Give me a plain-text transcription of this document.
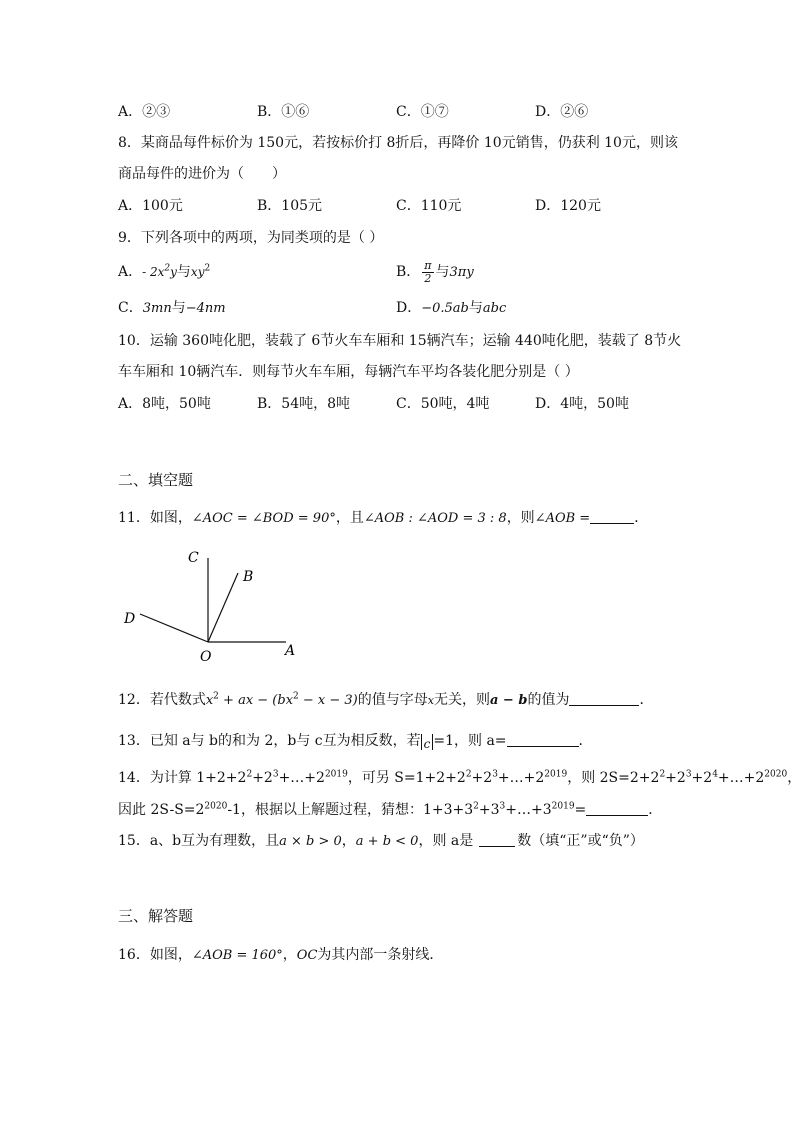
A．②③	B．①⑥	C．①⑦	D．②⑥
8．某商品每件标价为 150元，若按标价打 8折后，再降价 10元销售，仍获利 10元，则该
商品每件的进价为（　　）
A．100元	B．105元	C．110元	D．120元
9．下列各项中的两项，为同类项的是（ ）
A．- $2x^2y$与$xy^2$	B． $\frac{\pi}{2}$ 与3πy
C．3mn与−4nm	D．−0.5ab与abc
10．运输 360吨化肥，装载了 6节火车车厢和 15辆汽车；运输 440吨化肥，装载了 8节火
车车厢和 10辆汽车．则每节火车车厢，每辆汽车平均各装化肥分别是（ ）
A．8吨，50吨	B．54吨，8吨	C．50吨，4吨	D．4吨，50吨
二、填空题
11．如图，∠AOC = ∠BOD = 90°，且∠AOB : ∠AOD = 3 : 8，则∠AOB =	．
C
B
D
O	A
12．若代数式$x^2$ + ax − $(bx^2 - x - 3)$的值与字母x无关，则a − b的值为	．
13．已知 a与 b的和为 2，b与 c互为相反数，若 c =1，则 a=	．
14．为计算 $1+2+2^2+2^3+\dots+2^{2019}$，可另 $S=1+2+2^2+2^3+\dots+2^{2019}$，则 $2S=2+2^2+2^3+2^4+\dots+2^{2020}$，
因此 $2S-S=2^{2020}-1$，根据以上解题过程，猜想：$1+3+3^2+3^3+\dots+3^{2019}=$	．
15．a、b互为有理数，且a × b > 0，a + b < 0，则 a是	数（填“正”或“负”）
三、解答题
16．如图，∠AOB = 160°，OC为其内部一条射线．
